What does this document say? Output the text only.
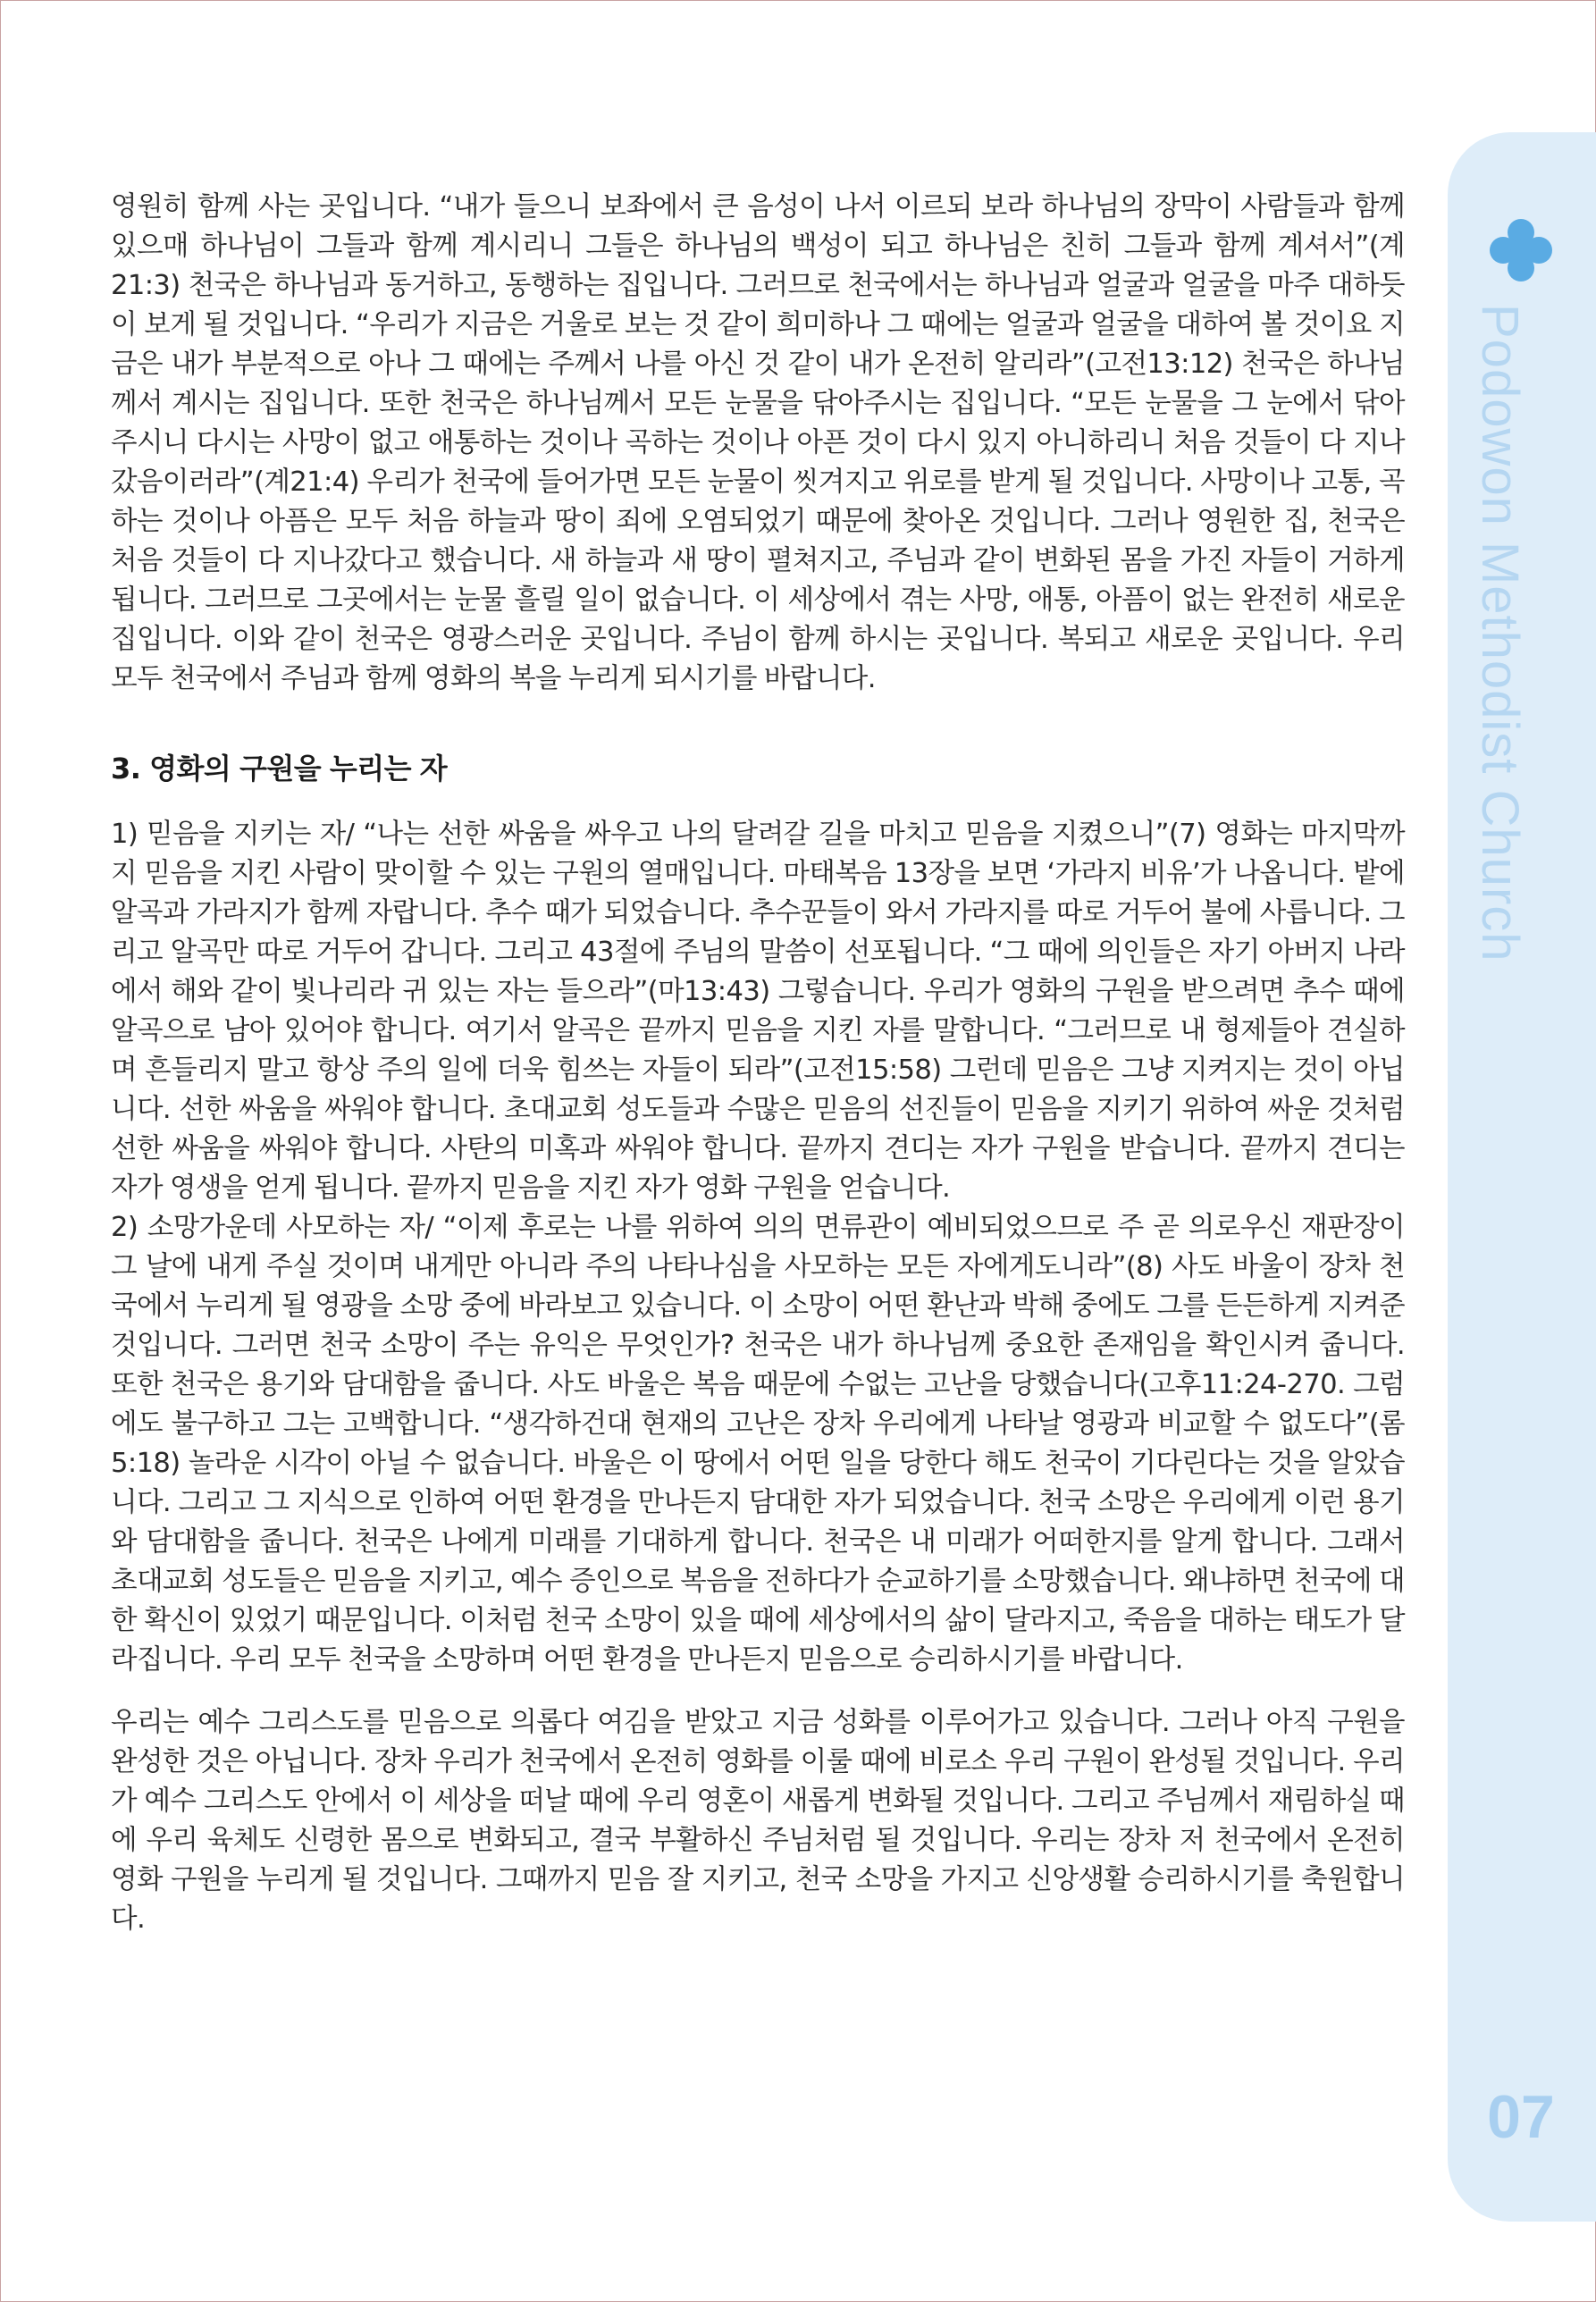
Podowon Methodist Church
07

영원히 함께 사는 곳입니다. “내가 들으니 보좌에서 큰 음성이 나서 이르되 보라 하나님의 장막이 사람들과 함께 있으매 하나님이 그들과 함께 계시리니 그들은 하나님의 백성이 되고 하나님은 친히 그들과 함께 계셔서”(계21:3) 천국은 하나님과 동거하고, 동행하는 집입니다. 그러므로 천국에서는 하나님과 얼굴과 얼굴을 마주 대하듯이 보게 될 것입니다. “우리가 지금은 거울로 보는 것 같이 희미하나 그 때에는 얼굴과 얼굴을 대하여 볼 것이요 지금은 내가 부분적으로 아나 그 때에는 주께서 나를 아신 것 같이 내가 온전히 알리라”(고전13:12) 천국은 하나님께서 계시는 집입니다. 또한 천국은 하나님께서 모든 눈물을 닦아주시는 집입니다. “모든 눈물을 그 눈에서 닦아 주시니 다시는 사망이 없고 애통하는 것이나 곡하는 것이나 아픈 것이 다시 있지 아니하리니 처음 것들이 다 지나갔음이러라”(계21:4) 우리가 천국에 들어가면 모든 눈물이 씻겨지고 위로를 받게 될 것입니다. 사망이나 고통, 곡하는 것이나 아픔은 모두 처음 하늘과 땅이 죄에 오염되었기 때문에 찾아온 것입니다. 그러나 영원한 집, 천국은 처음 것들이 다 지나갔다고 했습니다. 새 하늘과 새 땅이 펼쳐지고, 주님과 같이 변화된 몸을 가진 자들이 거하게 됩니다. 그러므로 그곳에서는 눈물 흘릴 일이 없습니다. 이 세상에서 겪는 사망, 애통, 아픔이 없는 완전히 새로운 집입니다. 이와 같이 천국은 영광스러운 곳입니다. 주님이 함께 하시는 곳입니다. 복되고 새로운 곳입니다. 우리 모두 천국에서 주님과 함께 영화의 복을 누리게 되시기를 바랍니다.

3. 영화의 구원을 누리는 자

1) 믿음을 지키는 자/ “나는 선한 싸움을 싸우고 나의 달려갈 길을 마치고 믿음을 지켰으니”(7) 영화는 마지막까지 믿음을 지킨 사람이 맞이할 수 있는 구원의 열매입니다. 마태복음 13장을 보면 ‘가라지 비유’가 나옵니다. 밭에 알곡과 가라지가 함께 자랍니다. 추수 때가 되었습니다. 추수꾼들이 와서 가라지를 따로 거두어 불에 사릅니다. 그리고 알곡만 따로 거두어 갑니다. 그리고 43절에 주님의 말씀이 선포됩니다. “그 때에 의인들은 자기 아버지 나라에서 해와 같이 빛나리라 귀 있는 자는 들으라”(마13:43) 그렇습니다. 우리가 영화의 구원을 받으려면 추수 때에 알곡으로 남아 있어야 합니다. 여기서 알곡은 끝까지 믿음을 지킨 자를 말합니다. “그러므로 내 형제들아 견실하며 흔들리지 말고 항상 주의 일에 더욱 힘쓰는 자들이 되라”(고전15:58) 그런데 믿음은 그냥 지켜지는 것이 아닙니다. 선한 싸움을 싸워야 합니다. 초대교회 성도들과 수많은 믿음의 선진들이 믿음을 지키기 위하여 싸운 것처럼 선한 싸움을 싸워야 합니다. 사탄의 미혹과 싸워야 합니다. 끝까지 견디는 자가 구원을 받습니다. 끝까지 견디는 자가 영생을 얻게 됩니다. 끝까지 믿음을 지킨 자가 영화 구원을 얻습니다.

2) 소망가운데 사모하는 자/ “이제 후로는 나를 위하여 의의 면류관이 예비되었으므로 주 곧 의로우신 재판장이 그 날에 내게 주실 것이며 내게만 아니라 주의 나타나심을 사모하는 모든 자에게도니라”(8) 사도 바울이 장차 천국에서 누리게 될 영광을 소망 중에 바라보고 있습니다. 이 소망이 어떤 환난과 박해 중에도 그를 든든하게 지켜준 것입니다. 그러면 천국 소망이 주는 유익은 무엇인가? 천국은 내가 하나님께 중요한 존재임을 확인시켜 줍니다. 또한 천국은 용기와 담대함을 줍니다. 사도 바울은 복음 때문에 수없는 고난을 당했습니다(고후11:24-270. 그럼에도 불구하고 그는 고백합니다. “생각하건대 현재의 고난은 장차 우리에게 나타날 영광과 비교할 수 없도다”(롬5:18) 놀라운 시각이 아닐 수 없습니다. 바울은 이 땅에서 어떤 일을 당한다 해도 천국이 기다린다는 것을 알았습니다. 그리고 그 지식으로 인하여 어떤 환경을 만나든지 담대한 자가 되었습니다. 천국 소망은 우리에게 이런 용기와 담대함을 줍니다. 천국은 나에게 미래를 기대하게 합니다. 천국은 내 미래가 어떠한지를 알게 합니다. 그래서 초대교회 성도들은 믿음을 지키고, 예수 증인으로 복음을 전하다가 순교하기를 소망했습니다. 왜냐하면 천국에 대한 확신이 있었기 때문입니다. 이처럼 천국 소망이 있을 때에 세상에서의 삶이 달라지고, 죽음을 대하는 태도가 달라집니다. 우리 모두 천국을 소망하며 어떤 환경을 만나든지 믿음으로 승리하시기를 바랍니다.

우리는 예수 그리스도를 믿음으로 의롭다 여김을 받았고 지금 성화를 이루어가고 있습니다. 그러나 아직 구원을 완성한 것은 아닙니다. 장차 우리가 천국에서 온전히 영화를 이룰 때에 비로소 우리 구원이 완성될 것입니다. 우리가 예수 그리스도 안에서 이 세상을 떠날 때에 우리 영혼이 새롭게 변화될 것입니다. 그리고 주님께서 재림하실 때에 우리 육체도 신령한 몸으로 변화되고, 결국 부활하신 주님처럼 될 것입니다. 우리는 장차 저 천국에서 온전히 영화 구원을 누리게 될 것입니다. 그때까지 믿음 잘 지키고, 천국 소망을 가지고 신앙생활 승리하시기를 축원합니다.
